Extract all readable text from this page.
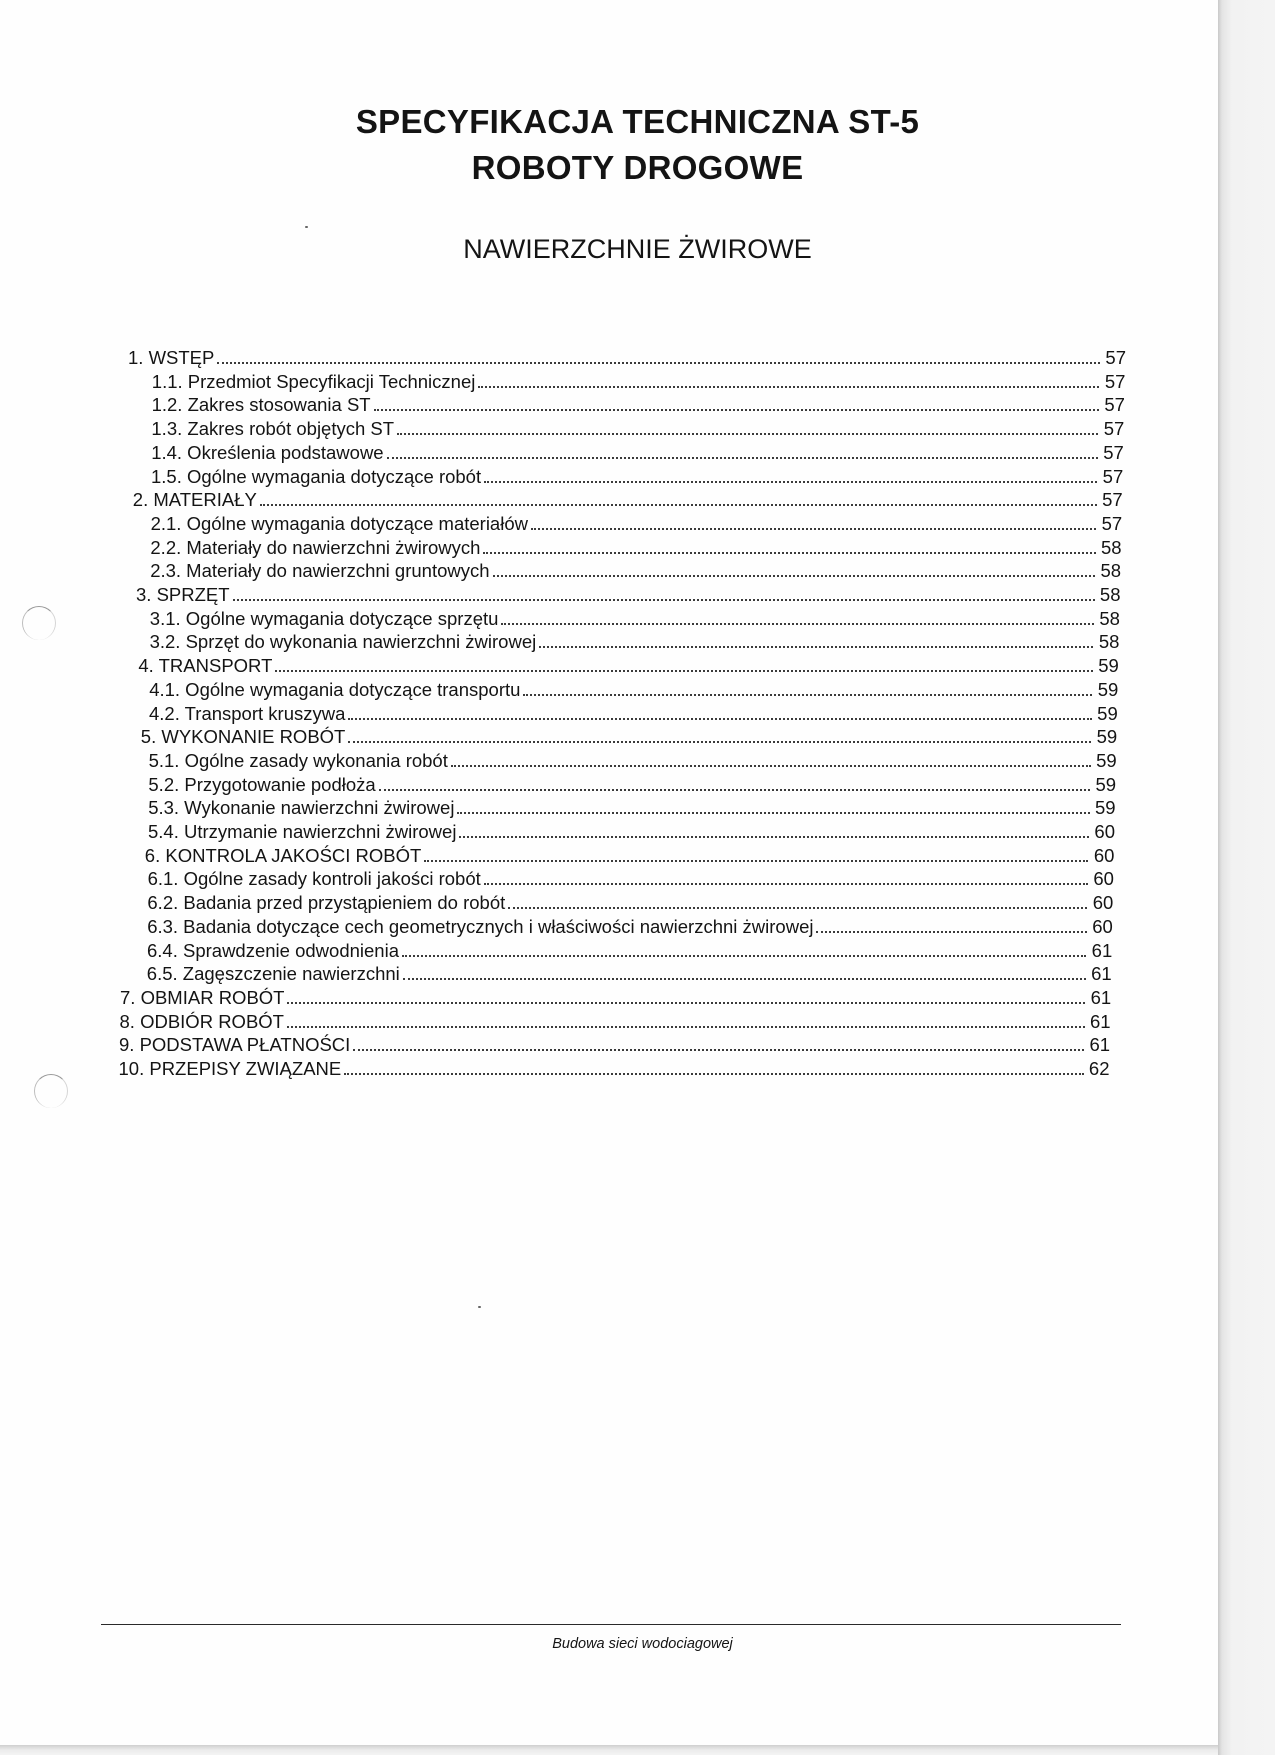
SPECYFIKACJA TECHNICZNA ST-5
ROBOTY DROGOWE
NAWIERZCHNIE ŻWIROWE
1. WSTĘP	57
1.1. Przedmiot Specyfikacji Technicznej	57
1.2. Zakres stosowania ST	57
1.3. Zakres robót objętych ST	57
1.4. Określenia podstawowe	57
1.5. Ogólne wymagania dotyczące robót	57
2. MATERIAŁY	57
2.1. Ogólne wymagania dotyczące materiałów	57
2.2. Materiały do nawierzchni żwirowych	58
2.3. Materiały do nawierzchni gruntowych	58
3. SPRZĘT	58
3.1. Ogólne wymagania dotyczące sprzętu	58
3.2. Sprzęt do wykonania nawierzchni żwirowej	58
4. TRANSPORT	59
4.1. Ogólne wymagania dotyczące transportu	59
4.2. Transport kruszywa	59
5. WYKONANIE ROBÓT	59
5.1. Ogólne zasady wykonania robót	59
5.2. Przygotowanie podłoża	59
5.3. Wykonanie nawierzchni żwirowej	59
5.4. Utrzymanie nawierzchni żwirowej	60
6. KONTROLA JAKOŚCI ROBÓT	60
6.1. Ogólne zasady kontroli jakości robót	60
6.2. Badania przed przystąpieniem do robót	60
6.3. Badania dotyczące cech geometrycznych i właściwości nawierzchni żwirowej	60
6.4. Sprawdzenie odwodnienia	61
6.5. Zagęszczenie nawierzchni	61
7. OBMIAR ROBÓT	61
8. ODBIÓR ROBÓT	61
9. PODSTAWA PŁATNOŚCI	61
10. PRZEPISY ZWIĄZANE	62
Budowa sieci wodociagowej
